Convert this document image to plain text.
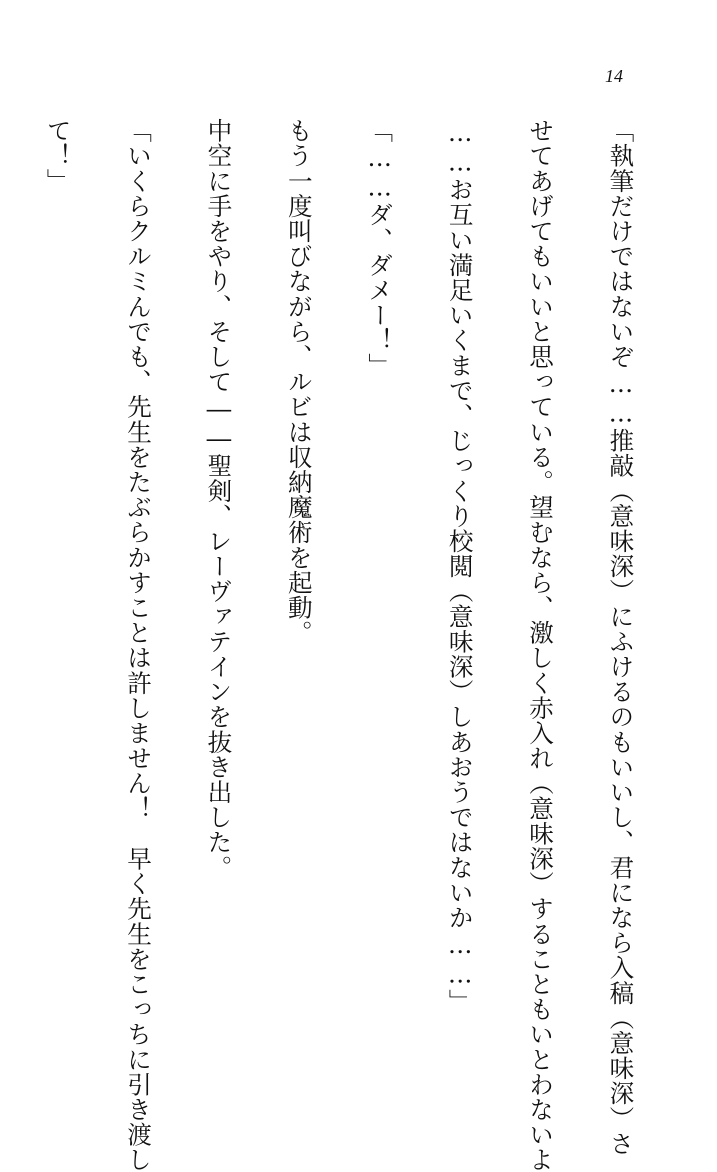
14

「執筆だけではないぞ……推敲（意味深）にふけるのもいいし、君になら入稿（意味深）さ

せてあげてもいいと思っている。望むなら、激しく赤入れ（意味深）することもいとわないよ

……お互い満足いくまで、じっくり校閲（意味深）しあおうではないか……」

「……ダ、ダメー！」

もう一度叫びながら、ルビは収納魔術を起動。

中空に手をやり、そして――聖剣、レーヴァテインを抜き出した。

「いくらクルミんでも、先生をたぶらかすことは許しません！　早く先生をこっちに引き渡し

て！」
